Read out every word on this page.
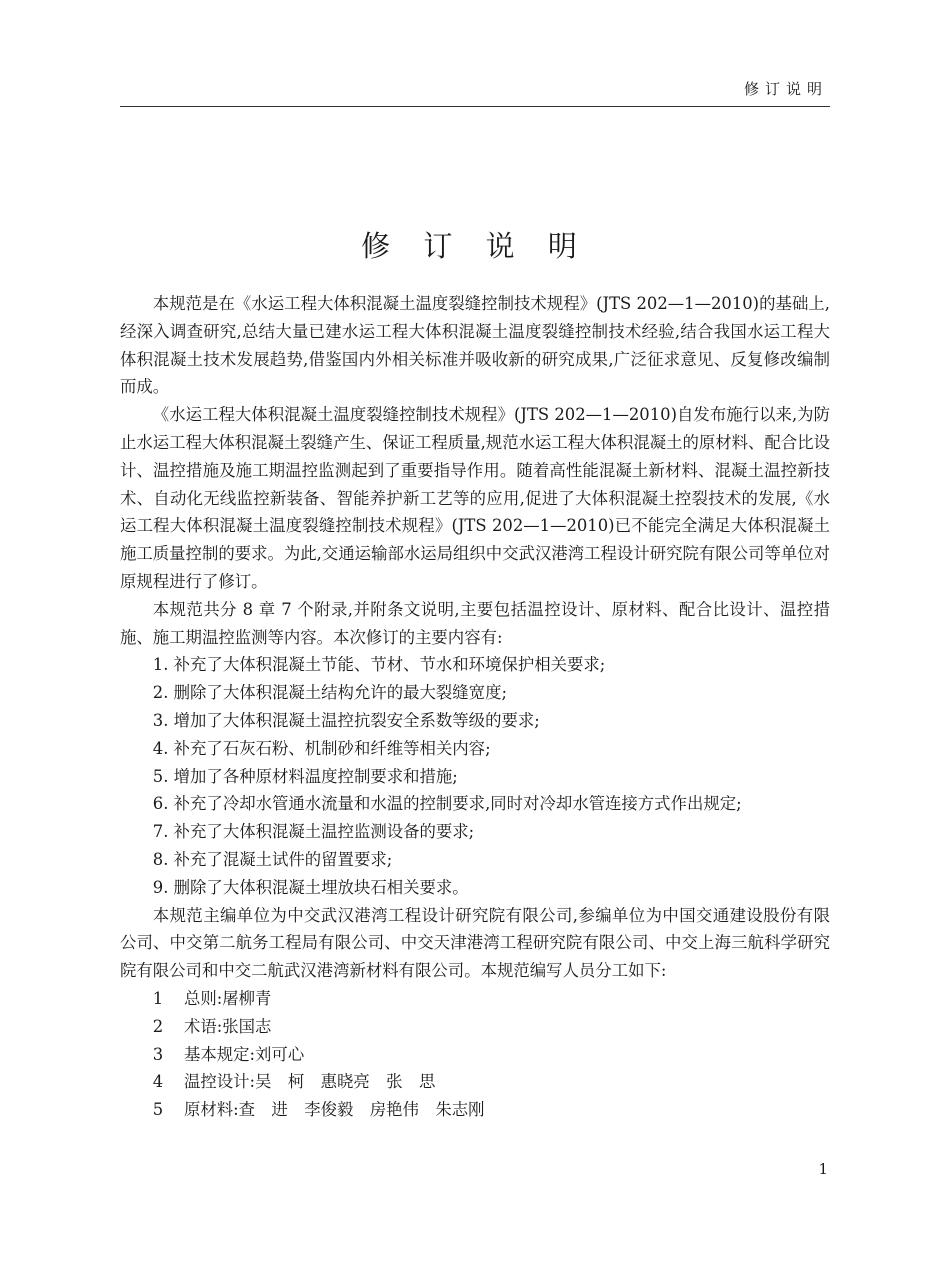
修订说明
修 订 说 明

本规范是在《水运工程大体积混凝土温度裂缝控制技术规程》(JTS 202—1—2010)的基础上,经深入调查研究,总结大量已建水运工程大体积混凝土温度裂缝控制技术经验,结合我国水运工程大体积混凝土技术发展趋势,借鉴国内外相关标准并吸收新的研究成果,广泛征求意见、反复修改编制而成。

《水运工程大体积混凝土温度裂缝控制技术规程》(JTS 202—1—2010)自发布施行以来,为防止水运工程大体积混凝土裂缝产生、保证工程质量,规范水运工程大体积混凝土的原材料、配合比设计、温控措施及施工期温控监测起到了重要指导作用。随着高性能混凝土新材料、混凝土温控新技术、自动化无线监控新装备、智能养护新工艺等的应用,促进了大体积混凝土控裂技术的发展,《水运工程大体积混凝土温度裂缝控制技术规程》(JTS 202—1—2010)已不能完全满足大体积混凝土施工质量控制的要求。为此,交通运输部水运局组织中交武汉港湾工程设计研究院有限公司等单位对原规程进行了修订。

本规范共分 8 章 7 个附录,并附条文说明,主要包括温控设计、原材料、配合比设计、温控措施、施工期温控监测等内容。本次修订的主要内容有:

1. 补充了大体积混凝土节能、节材、节水和环境保护相关要求;

2. 删除了大体积混凝土结构允许的最大裂缝宽度;

3. 增加了大体积混凝土温控抗裂安全系数等级的要求;

4. 补充了石灰石粉、机制砂和纤维等相关内容;

5. 增加了各种原材料温度控制要求和措施;

6. 补充了冷却水管通水流量和水温的控制要求,同时对冷却水管连接方式作出规定;

7. 补充了大体积混凝土温控监测设备的要求;

8. 补充了混凝土试件的留置要求;

9. 删除了大体积混凝土埋放块石相关要求。

本规范主编单位为中交武汉港湾工程设计研究院有限公司,参编单位为中国交通建设股份有限公司、中交第二航务工程局有限公司、中交天津港湾工程研究院有限公司、中交上海三航科学研究院有限公司和中交二航武汉港湾新材料有限公司。本规范编写人员分工如下:

1 总则:屠柳青

2 术语:张国志

3 基本规定:刘可心

4 温控设计:吴　柯　惠晓亮　张　思

5 原材料:查　进　李俊毅　房艳伟　朱志刚

1
